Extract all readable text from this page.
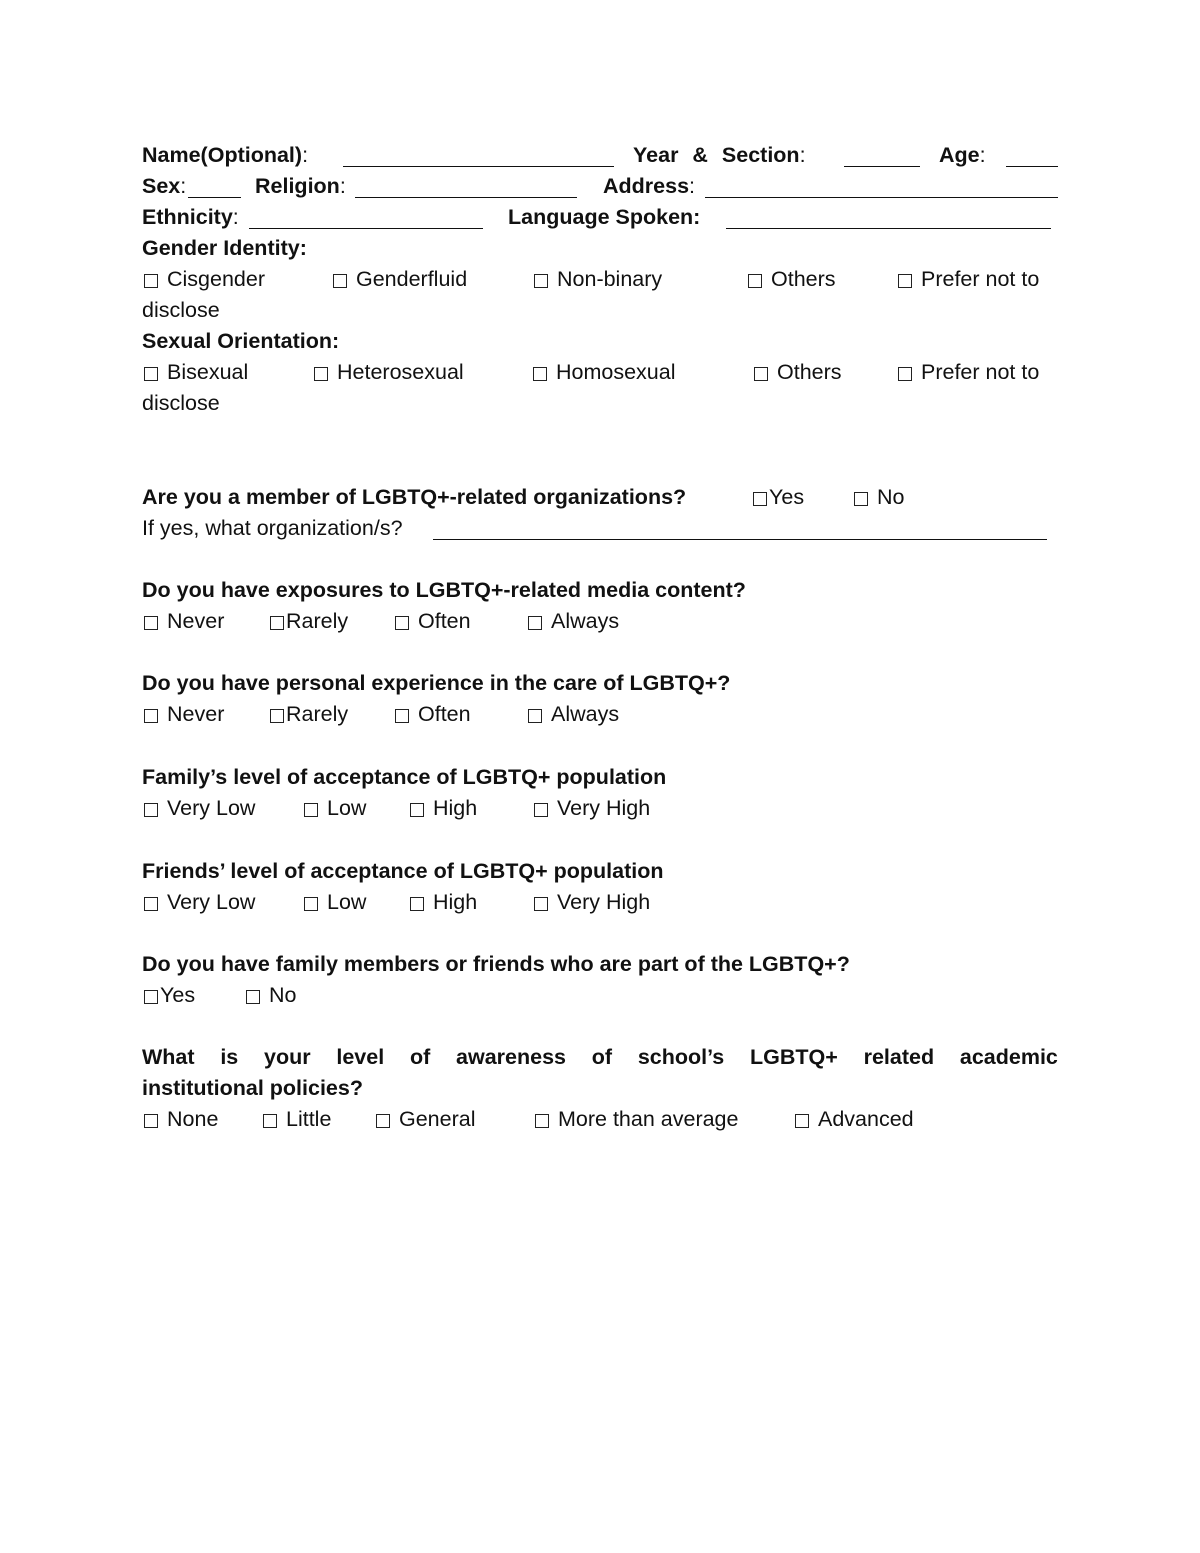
Name(Optional):	Year & Section:	Age:
Sex:	Religion:	Address:
Ethnicity:	Language Spoken:
Gender Identity:
Cisgender	Genderfluid	Non-binary	Others	Prefer not to
disclose
Sexual Orientation:
Bisexual	Heterosexual	Homosexual	Others	Prefer not to
disclose
Are you a member of LGBTQ+-related organizations?	Yes	No
If yes, what organization/s?
Do you have exposures to LGBTQ+-related media content?
Never	Rarely	Often	Always
Do you have personal experience in the care of LGBTQ+?
Never	Rarely	Often	Always
Family’s level of acceptance of LGBTQ+ population
Very Low	Low	High	Very High
Friends’ level of acceptance of LGBTQ+ population
Very Low	Low	High	Very High
Do you have family members or friends who are part of the LGBTQ+?
Yes	No
What is your level of awareness of school’s LGBTQ+ related academic
institutional policies?
None	Little	General	More than average	Advanced
